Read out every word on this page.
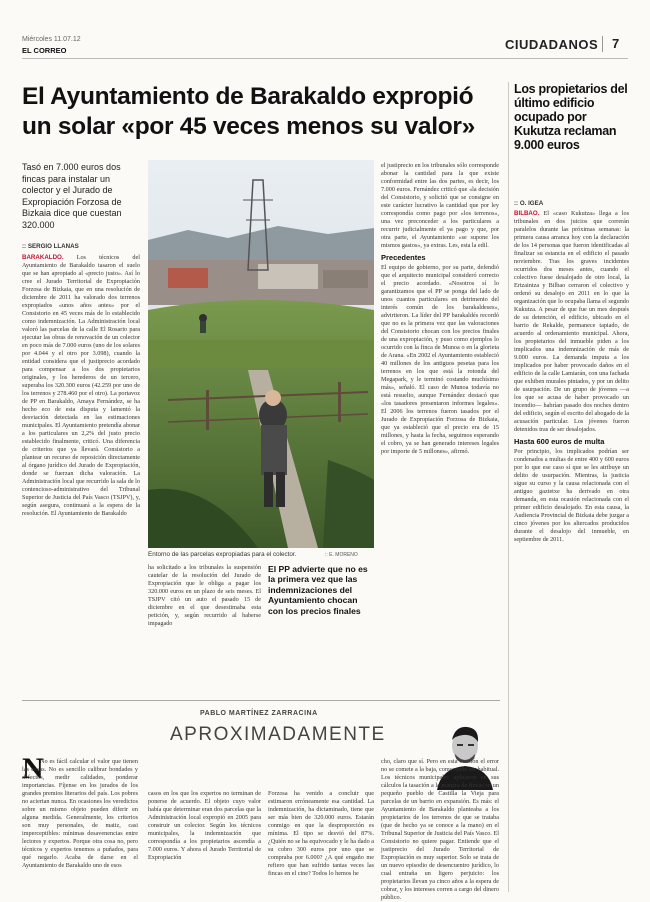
Miércoles 11.07.12
EL CORREO	CIUDADANOS 7
El Ayuntamiento de Barakaldo expropió un solar «por 45 veces menos su valor»
Los propietarios del último edificio ocupado por Kukutza reclaman 9.000 euros
Tasó en 7.000 euros dos fincas para instalar un colector y el Jurado de Expropiación Forzosa de Bizkaia dice que cuestan 320.000
:: SERGIO LLANAS
BARAKALDO. Los técnicos del Ayuntamiento de Barakaldo tasaron el suelo que se han apropiado al «precio justo». Así lo cree el Jurado Territorial de Expropiación Forzosa de Bizkaia, que en una resolución de diciembre de 2011 ha valorado dos terrenos expropiados «unos años antes» por el Consistorio en 45 veces más de lo establecido como indemnización. La Administración local valoró las parcelas de la calle El Rosario para ejecutar las obras de renovación de un colector en poco más de 7.000 euros (uno de los solares por 4.044 y el otro por 3.098), cuando la entidad considera que el justiprecio acordado para compensar a los dos propietarios originales, y los herederos de un tercero, superaba los 320.300 euros (42.259 por uno de los terrenos y 278.460 por el otro). La portavoz de PP en Barakaldo, Amaya Fernández, se ha hecho eco de esta disputa y lamentó la desviación detectada en las estimaciones municipales. El Ayuntamiento pretendía abonar a los particulares un 2,2% del justo precio establecido finalmente, criticó. Una diferencia de criterios que ya llevará. Consistorio a plantear un recurso de reposición directamente al órgano jurídico del Jurado de Expropiación, donde se fuerzan dicha valoración. La Administración local que recurrido la sala de lo contencioso-administrativo del Tribunal Superior de Justicia del País Vasco (TSJPV), y, según asegura, continuará a la espera de la resolución. El Ayuntamiento de Barakaldo
Entorno de las parcelas expropiadas para el colector.	:: E. MORENO
ha solicitado a los tribunales la suspensión cautelar de la resolución del Jurado de Expropiación que le obliga a pagar los 320.000 euros en un plazo de seis meses. El TSJPV citó un auto el pasado 15 de diciembre en el que desestimaba esta petición, y, según recurrido al haberse impagado
El PP advierte que no es la primera vez que las indemnizaciones del Ayuntamiento chocan con los precios finales
el justiprecio en los tribunales sólo corresponde abonar la cantidad para la que existe conformidad entre las dos partes, es decir, los 7.000 euros. Fernández criticó que «la decisión del Consistorio, y solicitó que se consigne en este carácter lucrativo la cantidad que por ley correspondía como pago por «los terrenos», una vez preconceder a los particulares a recurrir judicialmente el ya pago y que, por otra parte, el Ayuntamiento «se supone los mismos gastos», ya extras. Les, esta la edil.
Precedentes
El equipo de gobierno, por su parte, defendió que el arquitecto municipal consideró correcto el precio acordado. «Nosotros sí lo garantizamos que el PP se ponga del lado de unos cuantos particulares en detrimento del interés común de los barakaldeses», advirtieron. La líder del PP barakaldés recordó que no es la primera vez que las valoraciones del Consistorio chocan con los precios finales de una expropiación, y puso como ejemplos lo ocurrido con la finca de Munoa o en la glorieta de Arana. «En 2002 el Ayuntamiento estableció 40 millones de los antiguos pesetas para los terrenos en los que está la rotonda del Megapark, y le terminó costando muchísimo más», señaló. El caso de Munoa todavía no está resuelto, aunque Fernández destacó que «los tasadores presentaron informes legales». El 2006 los terrenos fueron tasados por el Jurado de Expropiación Forzosa de Bizkaia, que ya estableció que el precio era de 15 millones, y hasta la fecha, seguimos esperando el cobro, ya se han generado intereses legales por importe de 5 millones», afirmó.
:: O. IGEA
BILBAO. El «caso Kukutza» llega a los tribunales en dos juicios que correrán paralelos durante las próximas semanas: la primera causa arranca hoy con la declaración de los 14 personas que fueron identificadas al finalizar su estancia en el edificio el pasado noviembre. Tras los graves incidentes ocurridos dos meses antes, cuando el colectivo fuese desalojado de otro local, la Ertzaintza y Bilbao cerraron el colectivo y ordenó su desalojo en 2011 en lo que la organización que lo ocupaba llama el segundo Kukutza. A pesar de que fue un mes después de su detención, el edificio, ubicado en el barrio de Rekalde, permanece tapiado, de acuerdo al ordenamiento municipal. Ahora, los propietarios del inmueble piden a los implicados una indemnización de más de 9.000 euros. La demanda imputa a los implicados por haber provocado daños en el edificio de la calle Lamiarán, con una fachada que exhiben murales pintados, y por un delito de usurpación. De un grupo de jóvenes —a los que se acusa de haber provocado un incendio— habrían pasado dos noches dentro del edificio, según el escrito del abogado de la acusación particular. Los jóvenes fueron detenidos tras de ser desalojados.
Hasta 600 euros de multa
Por principio, los implicados podrían ser condenados a multas de entre 400 y 600 euros por lo que ese caso sí que se les atribuye un delito de usurpación. Mientras, la justicia sigue su curso y la causa relacionada con el antiguo gaztetxe ha derivado en otra demanda, en esta ocasión relacionada con el primer edificio desalojado. En esta causa, la Audiencia Provincial de Bizkaia debe juzgar a cinco jóvenes por los altercados producidos durante el desalojo del inmueble, en septiembre de 2011.
PABLO MARTÍNEZ ZARRACINA
APROXIMADAMENTE
N
No es fácil calcular el valor que tienen las cosas. No es sencillo calibrar bondades y defectos, medir calidades, ponderar importancias. Fíjense en los jurados de los grandes premios literarios del país. Los pobres no aciertan nunca. En ocasiones los veredictos sobre un mismo objeto pueden diferir en alguna medida. Generalmente, los criterios son muy personales, de matiz, casi imperceptibles: mínimas desavenencias entre lectores y expertos. Porque otra cosa no, pero técnicos y expertos tenemos a puñados, para qué negarlo. Acaba de darse en el Ayuntamiento de Barakaldo uno de esos
casos en los que los expertos no terminan de ponerse de acuerdo. El objeto cuyo valor había que determinar eran dos parcelas que la Administración local expropió en 2005 para construir un colector. Según los técnicos municipales, la indemnización que correspondía a los propietarios ascendía a 7.000 euros. Y ahora el Jurado Territorial de Expropiación
Forzosa ha venido a concluir que estimaron erróneamente esa cantidad. La indemnización, ha dictaminado, tiene que ser más bien de 320.000 euros. Estarán conmigo en que la desproporción es mínima. El tipo se desvió del 87%. ¿Quién no se ha equivocado y le ha dado a su cobro 300 euros por uno que se compraba por 6.000? ¿A qué engaño me refiero que han sufrido tantas veces las fincas en el cine? Todos lo hemos he
cho, claro que sí. Pero en esta ocasión el error no se comete a la baja, como suele ser habitual. Los técnicos municipales aplicaron en sus cálculos la tasación a la manera de fincas en un pequeño pueblo de Castilla la Vieja para parcelas de un barrio en expansión. Es más: el Ayuntamiento de Barakaldo planteaba a los propietarios de los terrenos de que se trataba (que de hecho ya se conoce a la mano) en el Tribunal Superior de Justicia del País Vasco. El Consistorio no quiere pagar. Entiende que el justiprecio del Jurado Territorial de Expropiación es muy superior. Solo se trata de un nuevo episodio de desencuentro jurídico, lo cual entraña un ligero perjuicio: los propietarios llevan ya cinco años a la espera de cobrar, y los intereses corren a cargo del dinero público.
